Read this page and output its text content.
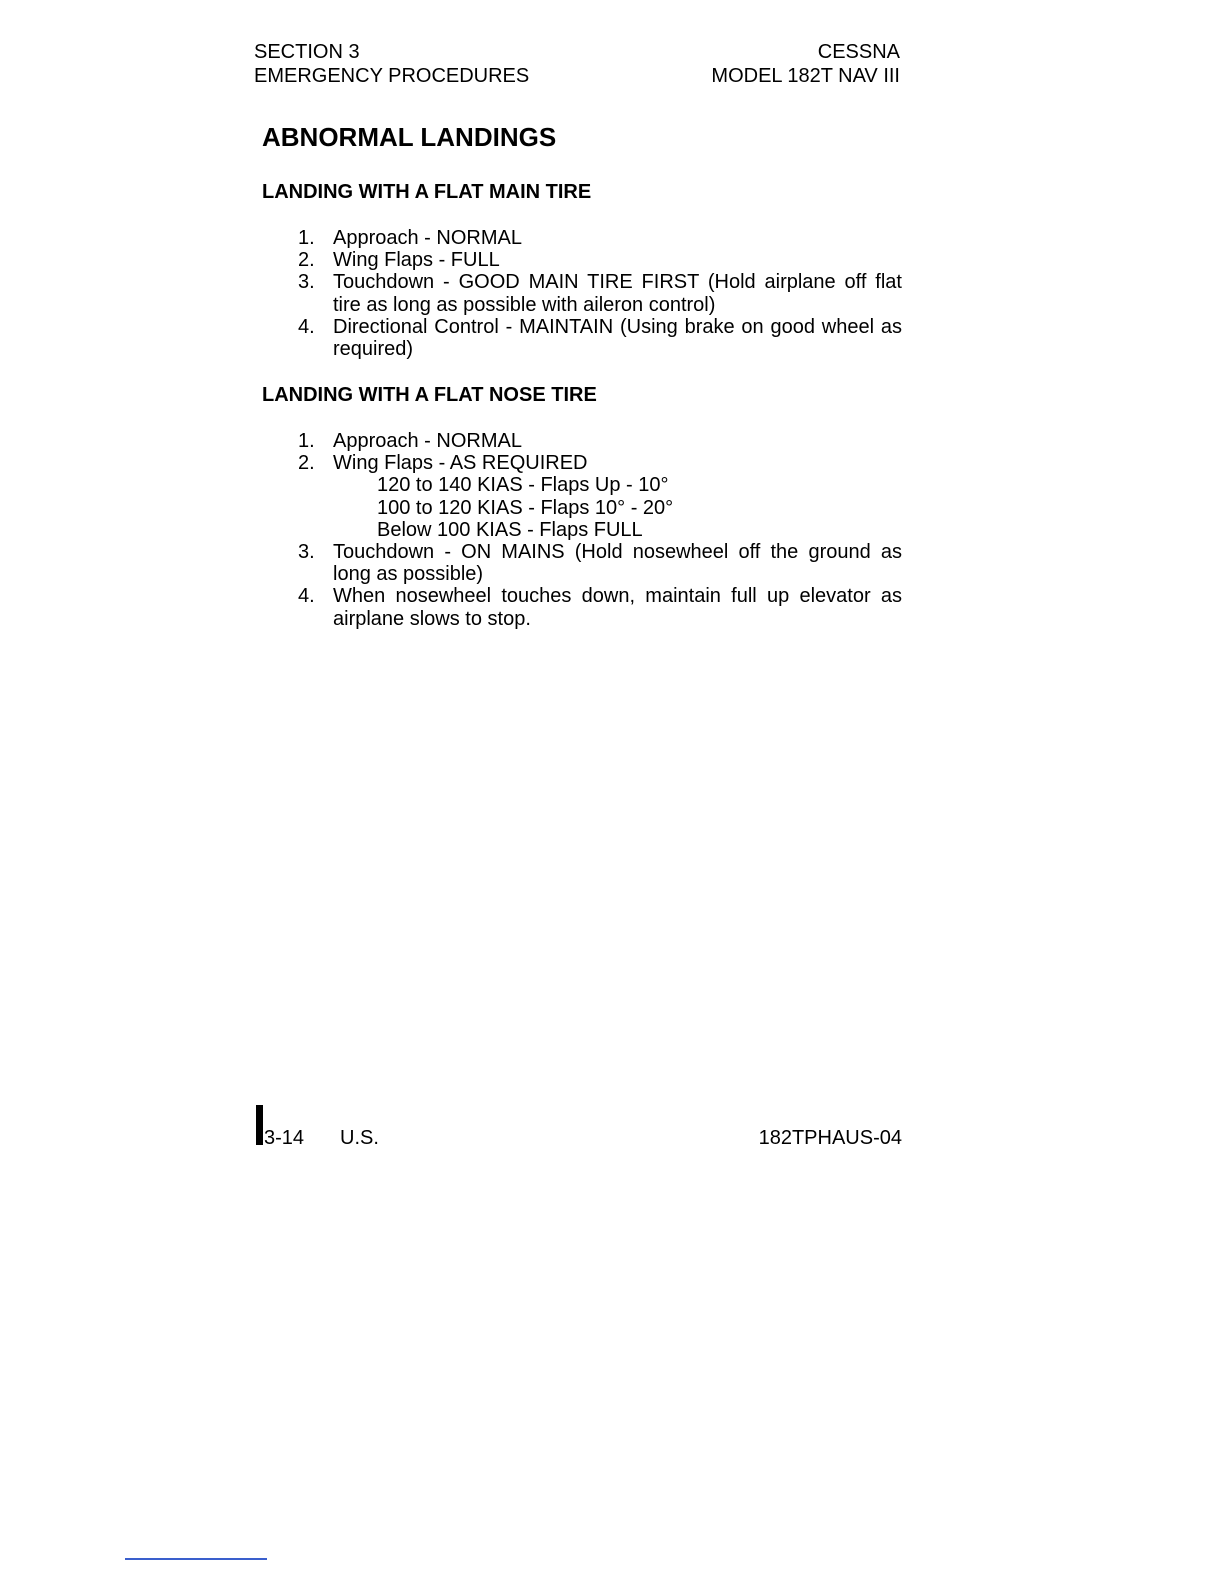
SECTION 3
EMERGENCY PROCEDURES
CESSNA
MODEL 182T NAV III
ABNORMAL LANDINGS
LANDING WITH A FLAT MAIN TIRE
1. Approach - NORMAL
2. Wing Flaps - FULL
3. Touchdown - GOOD MAIN TIRE FIRST (Hold airplane off flat tire as long as possible with aileron control)
4. Directional Control - MAINTAIN (Using brake on good wheel as required)
LANDING WITH A FLAT NOSE TIRE
1. Approach - NORMAL
2. Wing Flaps - AS REQUIRED
120 to 140 KIAS - Flaps Up - 10°
100 to 120 KIAS - Flaps 10° - 20°
Below 100 KIAS - Flaps FULL
3. Touchdown - ON MAINS (Hold nosewheel off the ground as long as possible)
4. When nosewheel touches down, maintain full up elevator as airplane slows to stop.
3-14 U.S.	182TPHAUS-04
